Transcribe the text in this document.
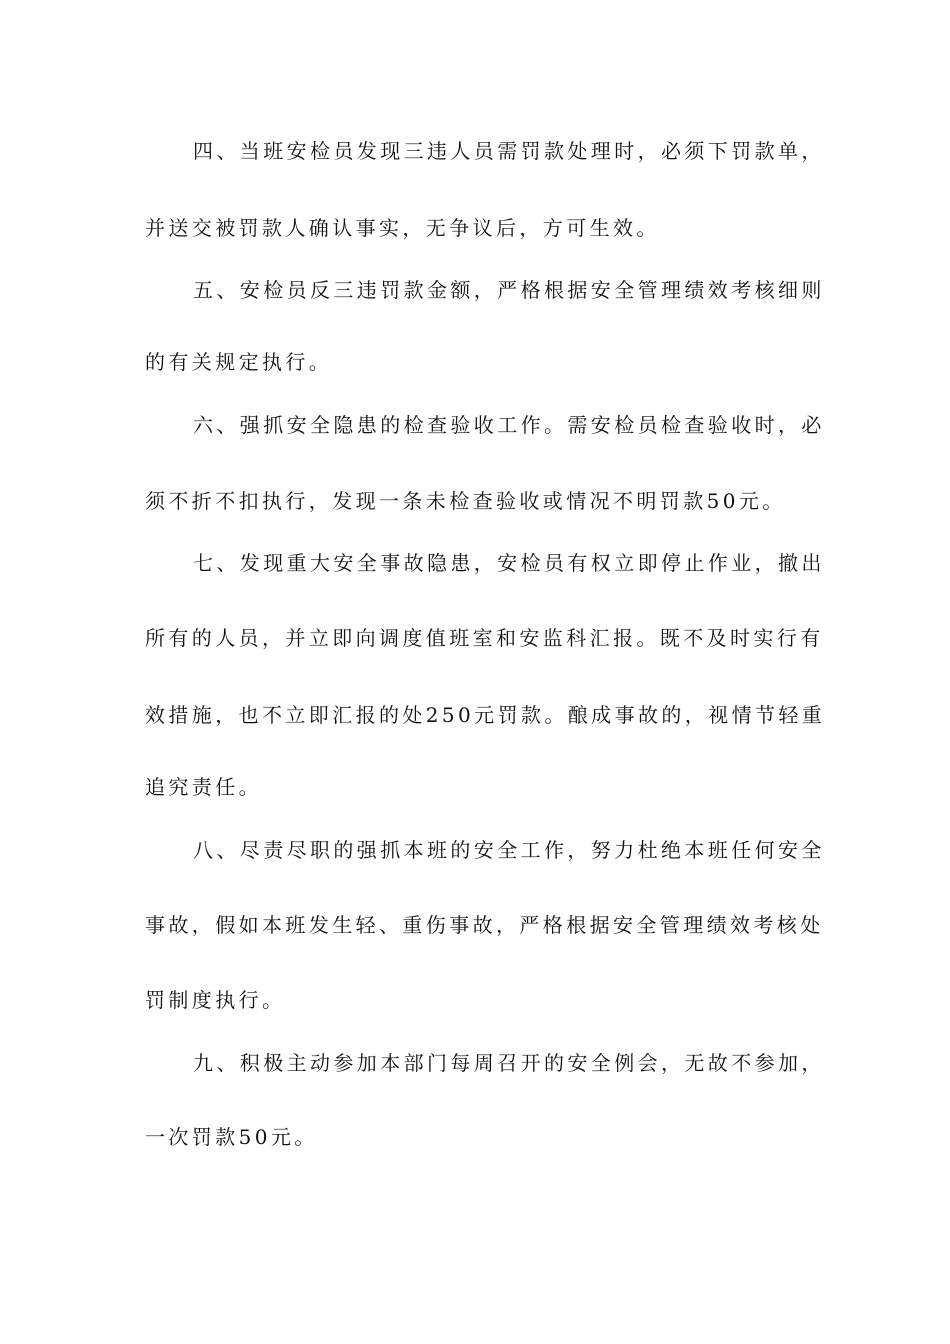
四、当班安检员发现三违人员需罚款处理时，必须下罚款单，
并送交被罚款人确认事实，无争议后，方可生效。
五、安检员反三违罚款金额，严格根据安全管理绩效考核细则
的有关规定执行。
六、强抓安全隐患的检查验收工作。需安检员检查验收时，必
须不折不扣执行，发现一条未检查验收或情况不明罚款50元。
七、发现重大安全事故隐患，安检员有权立即停止作业，撤出
所有的人员，并立即向调度值班室和安监科汇报。既不及时实行有
效措施，也不立即汇报的处250元罚款。酿成事故的，视情节轻重
追究责任。
八、尽责尽职的强抓本班的安全工作，努力杜绝本班任何安全
事故，假如本班发生轻、重伤事故，严格根据安全管理绩效考核处
罚制度执行。
九、积极主动参加本部门每周召开的安全例会，无故不参加，
一次罚款50元。
